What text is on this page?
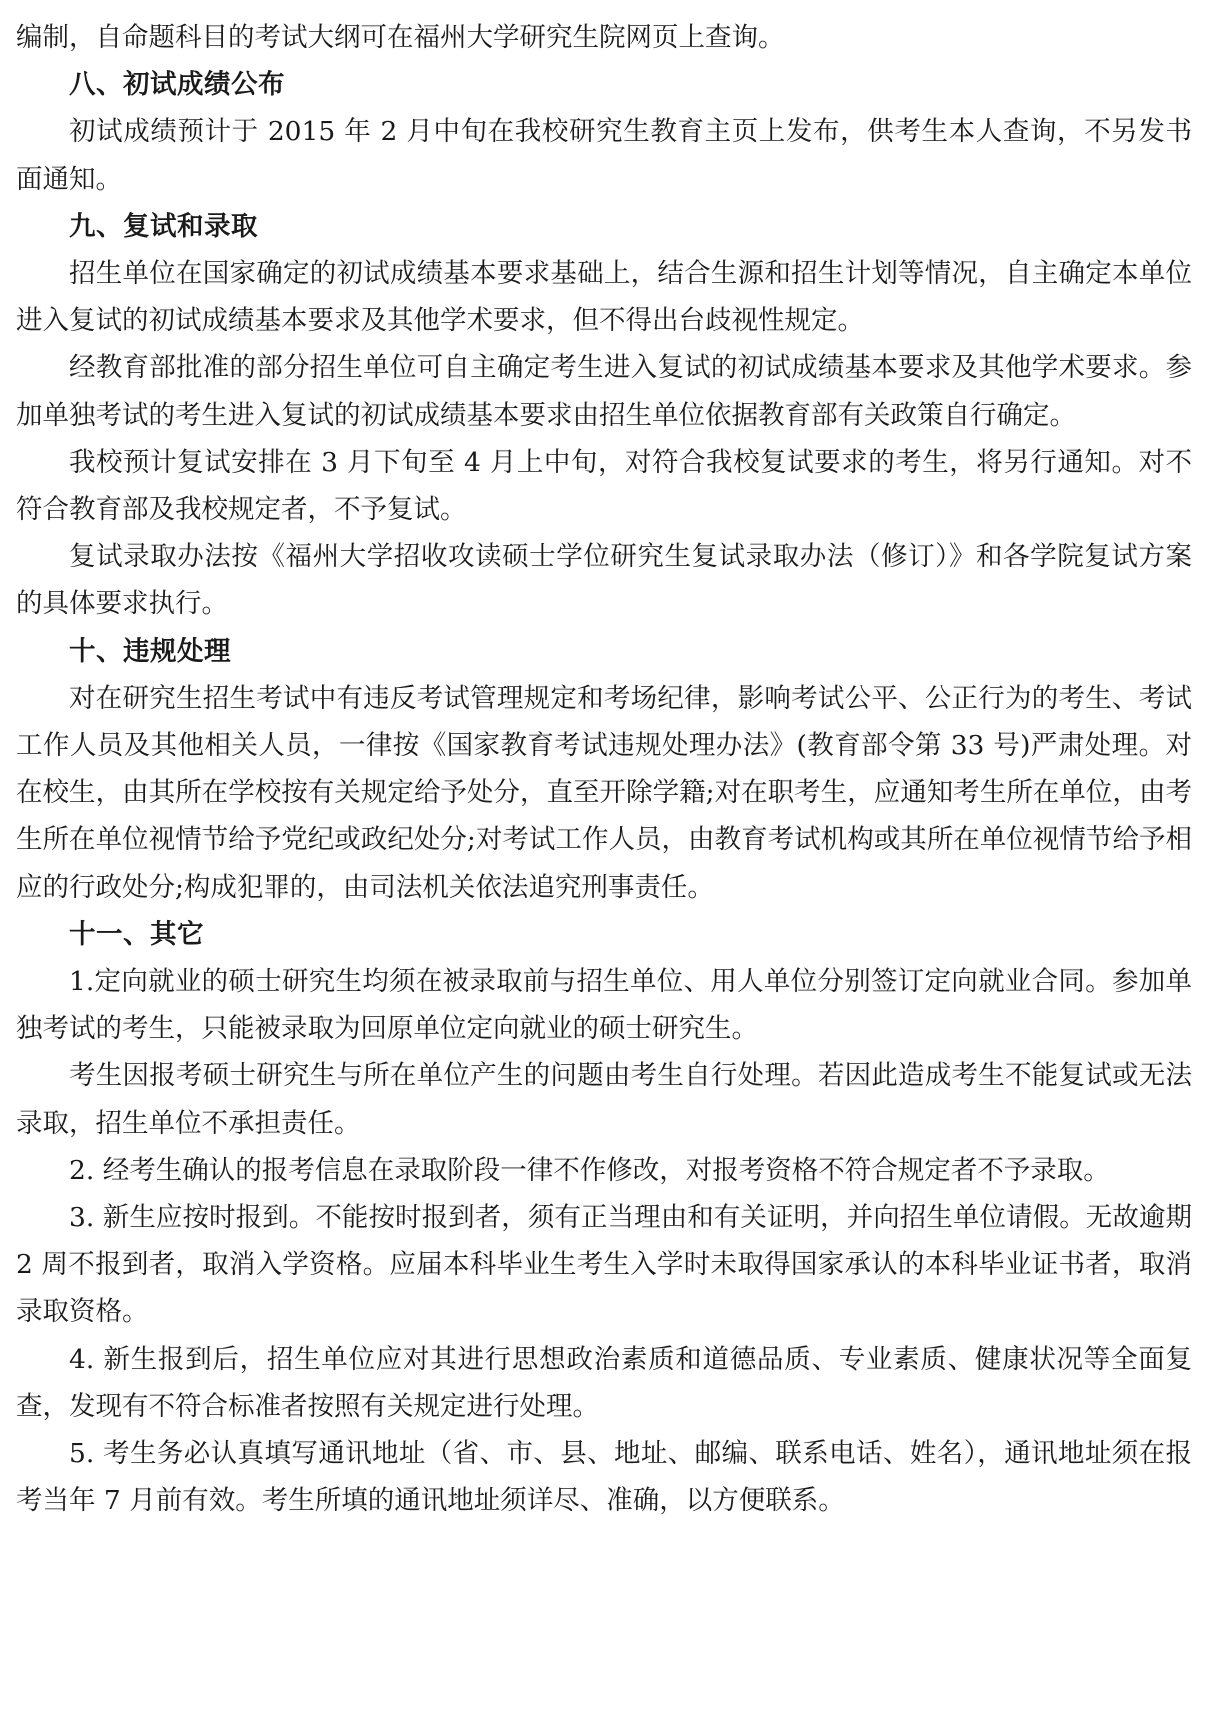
编制，自命题科目的考试大纲可在福州大学研究生院网页上查询。

八、初试成绩公布

初试成绩预计于 2015 年 2 月中旬在我校研究生教育主页上发布，供考生本人查询，不另发书面通知。

九、复试和录取

招生单位在国家确定的初试成绩基本要求基础上，结合生源和招生计划等情况，自主确定本单位进入复试的初试成绩基本要求及其他学术要求，但不得出台歧视性规定。

经教育部批准的部分招生单位可自主确定考生进入复试的初试成绩基本要求及其他学术要求。参加单独考试的考生进入复试的初试成绩基本要求由招生单位依据教育部有关政策自行确定。

我校预计复试安排在 3 月下旬至 4 月上中旬，对符合我校复试要求的考生，将另行通知。对不符合教育部及我校规定者，不予复试。

复试录取办法按《福州大学招收攻读硕士学位研究生复试录取办法（修订）》和各学院复试方案的具体要求执行。

十、违规处理

对在研究生招生考试中有违反考试管理规定和考场纪律，影响考试公平、公正行为的考生、考试工作人员及其他相关人员，一律按《国家教育考试违规处理办法》(教育部令第 33 号)严肃处理。对在校生，由其所在学校按有关规定给予处分，直至开除学籍;对在职考生，应通知考生所在单位，由考生所在单位视情节给予党纪或政纪处分;对考试工作人员，由教育考试机构或其所在单位视情节给予相应的行政处分;构成犯罪的，由司法机关依法追究刑事责任。

十一、其它

1.定向就业的硕士研究生均须在被录取前与招生单位、用人单位分别签订定向就业合同。参加单独考试的考生，只能被录取为回原单位定向就业的硕士研究生。

考生因报考硕士研究生与所在单位产生的问题由考生自行处理。若因此造成考生不能复试或无法录取，招生单位不承担责任。

2. 经考生确认的报考信息在录取阶段一律不作修改，对报考资格不符合规定者不予录取。

3. 新生应按时报到。不能按时报到者，须有正当理由和有关证明，并向招生单位请假。无故逾期 2 周不报到者，取消入学资格。应届本科毕业生考生入学时未取得国家承认的本科毕业证书者，取消录取资格。

4. 新生报到后，招生单位应对其进行思想政治素质和道德品质、专业素质、健康状况等全面复查，发现有不符合标准者按照有关规定进行处理。

5. 考生务必认真填写通讯地址（省、市、县、地址、邮编、联系电话、姓名），通讯地址须在报考当年 7 月前有效。考生所填的通讯地址须详尽、准确，以方便联系。
